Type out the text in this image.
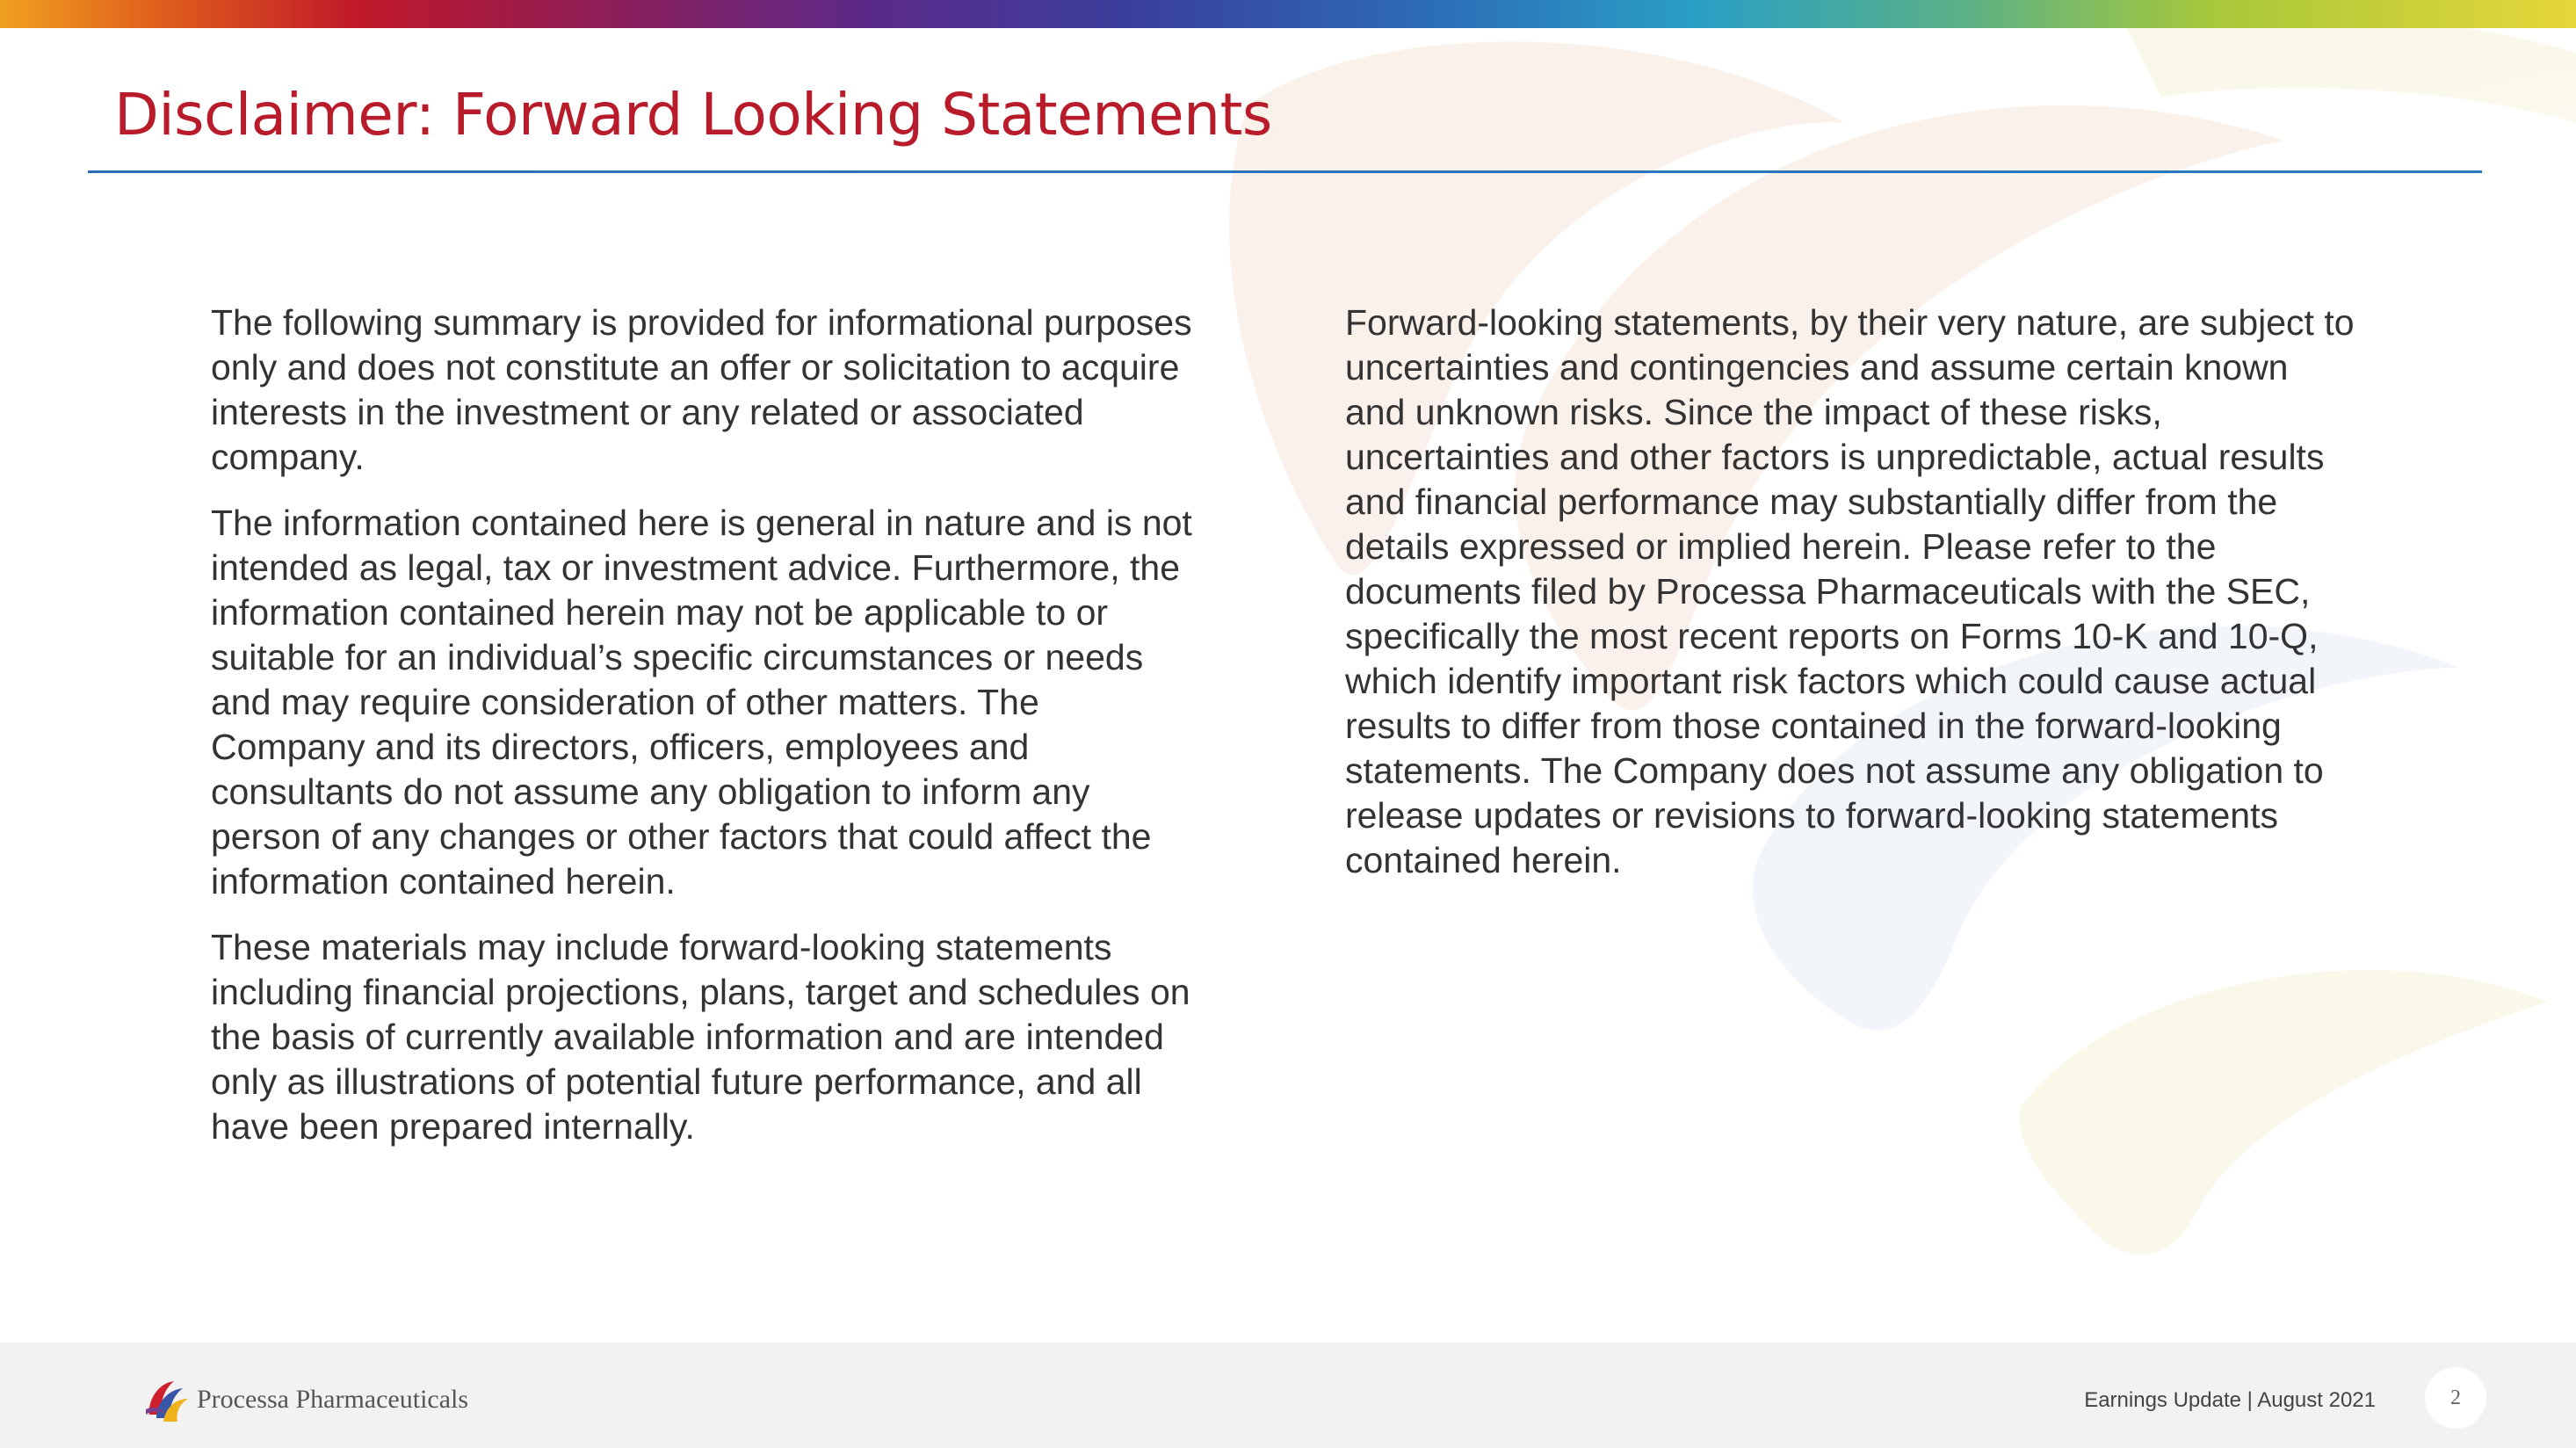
Disclaimer: Forward Looking Statements

The following summary is provided for informational purposes only and does not constitute an offer or solicitation to acquire interests in the investment or any related or associated company.

The information contained here is general in nature and is not intended as legal, tax or investment advice. Furthermore, the information contained herein may not be applicable to or suitable for an individual’s specific circumstances or needs and may require consideration of other matters. The Company and its directors, officers, employees and consultants do not assume any obligation to inform any person of any changes or other factors that could affect the information contained herein.

These materials may include forward-looking statements including financial projections, plans, target and schedules on the basis of currently available information and are intended only as illustrations of potential future performance, and all have been prepared internally.

Forward-looking statements, by their very nature, are subject to uncertainties and contingencies and assume certain known and unknown risks. Since the impact of these risks, uncertainties and other factors is unpredictable, actual results and financial performance may substantially differ from the details expressed or implied herein. Please refer to the documents filed by Processa Pharmaceuticals with the SEC, specifically the most recent reports on Forms 10-K and 10-Q, which identify important risk factors which could cause actual results to differ from those contained in the forward-looking statements. The Company does not assume any obligation to release updates or revisions to forward-looking statements contained herein.

Processa Pharmaceuticals	Earnings Update | August 2021	2
